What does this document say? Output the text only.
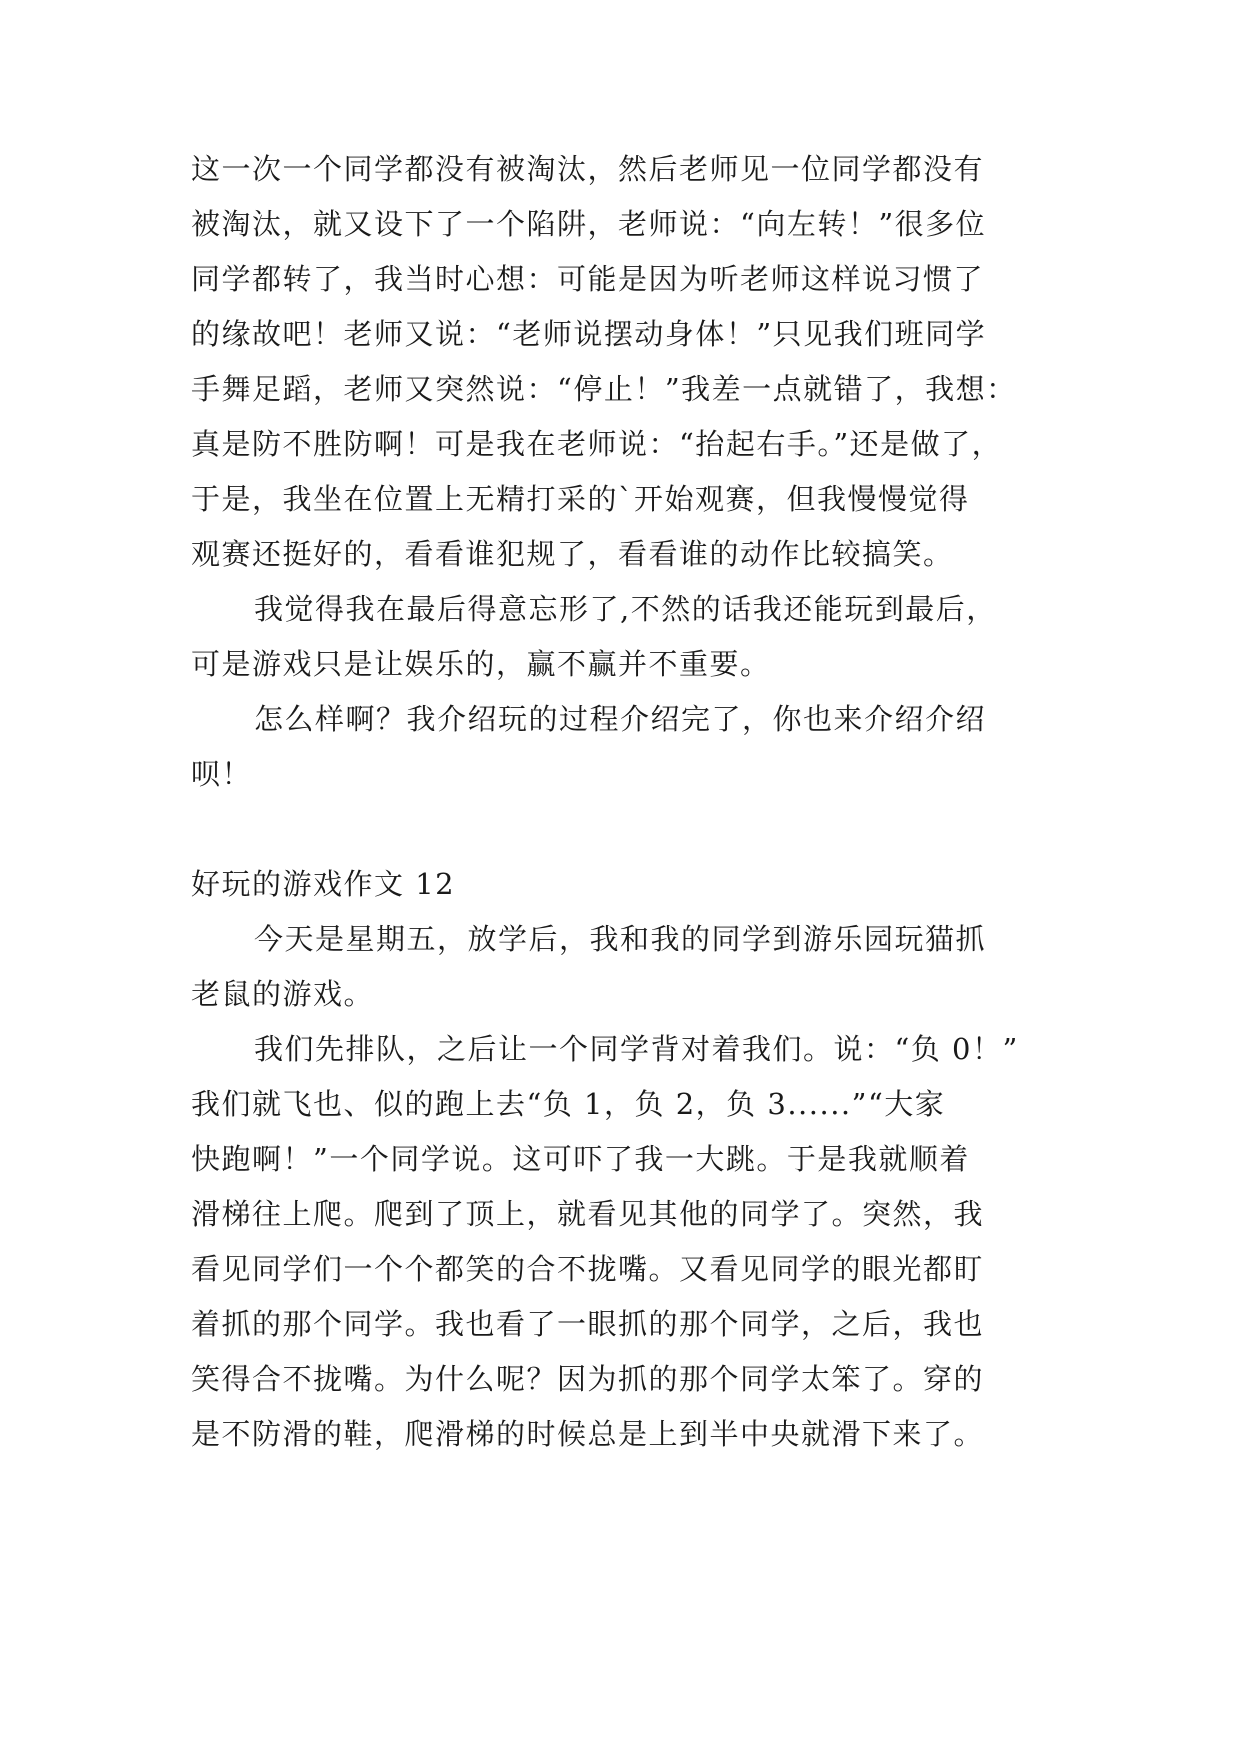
这一次一个同学都没有被淘汰，然后老师见一位同学都没有
被淘汰，就又设下了一个陷阱，老师说：“向左转！”很多位
同学都转了，我当时心想：可能是因为听老师这样说习惯了
的缘故吧！老师又说：“老师说摆动身体！”只见我们班同学
手舞足蹈，老师又突然说：“停止！”我差一点就错了，我想：
真是防不胜防啊！可是我在老师说：“抬起右手。”还是做了，
于是，我坐在位置上无精打采的`开始观赛，但我慢慢觉得
观赛还挺好的，看看谁犯规了，看看谁的动作比较搞笑。
我觉得我在最后得意忘形了,不然的话我还能玩到最后，
可是游戏只是让娱乐的，赢不赢并不重要。
怎么样啊？我介绍玩的过程介绍完了，你也来介绍介绍
呗！
好玩的游戏作文 12
今天是星期五，放学后，我和我的同学到游乐园玩猫抓
老鼠的游戏。
我们先排队，之后让一个同学背对着我们。说：“负 0！”
我们就飞也、似的跑上去“负 1，负 2，负 3......”“大家
快跑啊！”一个同学说。这可吓了我一大跳。于是我就顺着
滑梯往上爬。爬到了顶上，就看见其他的同学了。突然，我
看见同学们一个个都笑的合不拢嘴。又看见同学的眼光都盯
着抓的那个同学。我也看了一眼抓的那个同学，之后，我也
笑得合不拢嘴。为什么呢？因为抓的那个同学太笨了。穿的
是不防滑的鞋，爬滑梯的时候总是上到半中央就滑下来了。
